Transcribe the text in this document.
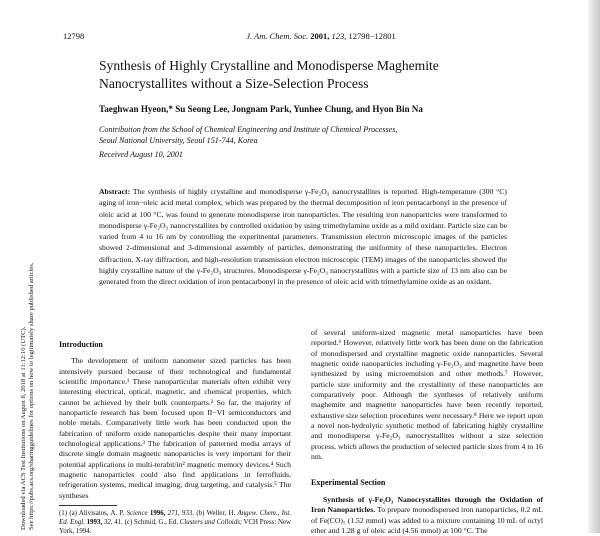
Downloaded via ACS Test Institutions on August 8, 2018 at 11:12:10 (UTC). See https://pubs.acs.org/sharingguidelines for options on how to legitimately share published articles.
12798	J. Am. Chem. Soc. 2001, 123, 12798−12801
Synthesis of Highly Crystalline and Monodisperse Maghemite Nanocrystallites without a Size-Selection Process
Taeghwan Hyeon,* Su Seong Lee, Jongnam Park, Yunhee Chung, and Hyon Bin Na
Contribution from the School of Chemical Engineering and Institute of Chemical Processes,
Seoul National University, Seoul 151-744, Korea
Received August 10, 2001
Abstract: The synthesis of highly crystalline and monodisperse γ-Fe₂O₃ nanocrystallites is reported. High-temperature (300 °C) aging of iron−oleic acid metal complex, which was prepared by the thermal decomposition of iron pentacarbonyl in the presence of oleic acid at 100 °C, was found to generate monodisperse iron nanoparticles. The resulting iron nanoparticles were transformed to monodisperse γ-Fe₂O₃ nanocrystallites by controlled oxidation by using trimethylamine oxide as a mild oxidant. Particle size can be varied from 4 to 16 nm by controlling the experimental parameters. Transmission electron microscopic images of the particles showed 2-dimensional and 3-dimensional assembly of particles, demonstrating the uniformity of these nanoparticles. Electron diffraction, X-ray diffraction, and high-resolution transmission electron microscopic (TEM) images of the nanoparticles showed the highly crystalline nature of the γ-Fe₂O₃ structures. Monodisperse γ-Fe₂O₃ nanocrystallites with a particle size of 13 nm also can be generated from the direct oxidation of iron pentacarbonyl in the presence of oleic acid with trimethylamine oxide as an oxidant.
Introduction

The development of uniform nanometer sized particles has been intensively pursued because of their technological and fundamental scientific importance.¹ These nanoparticular materials often exhibit very interesting electrical, optical, magnetic, and chemical properties, which cannot be achieved by their bulk counterparts.² So far, the majority of nanoparticle research has been focused upon II−VI semiconductors and noble metals. Comparatively little work has been conducted upon the fabrication of uniform oxide nanoparticles despite their many important technological applications.³ The fabrication of patterned media arrays of discrete single domain magnetic nanoparticles is very important for their potential applications in multi-terabit/in² magnetic memory devices.⁴ Such magnetic nanoparticles could also find applications in ferrofluids, refrigeration systems, medical imaging, drug targeting, and catalysis.⁵ The syntheses

of several uniform-sized magnetic metal nanoparticles have been reported.⁶ However, relatively little work has been done on the fabrication of monodispersed and crystalline magnetic oxide nanoparticles. Several magnetic oxide nanoparticles including γ-Fe₂O₃ and magnetite have been synthesized by using microemulsion and other methods.⁷ However, particle size uniformity and the crystallinity of these nanoparticles are comparatively poor. Although the syntheses of relatively uniform maghemite and magnetite nanoparticles have been recently reported, exhaustive size selection procedures were necessary.⁸ Here we report upon a novel non-hydrolytic synthetic method of fabricating highly crystalline and monodisperse γ-Fe₂O₃ nanocrystallites without a size selection process, which allows the production of selected particle sizes from 4 to 16 nm.

Experimental Section

Synthesis of γ-Fe₂O₃ Nanocrystallites through the Oxidation of Iron Nanoparticles. To prepare monodispersed iron nanoparticles, 0.2 mL of Fe(CO)₅ (1.52 mmol) was added to a mixture containing 10 mL of octyl ether and 1.28 g of oleic acid (4.56 mmol) at 100 °C. The

(1) (a) Alivisatos, A. P. Science 1996, 271, 933. (b) Weller, H. Angew. Chem., Int. Ed. Engl. 1993, 32, 41. (c) Schmid, G., Ed. Clusters and Colloids; VCH Press: New York, 1994.
